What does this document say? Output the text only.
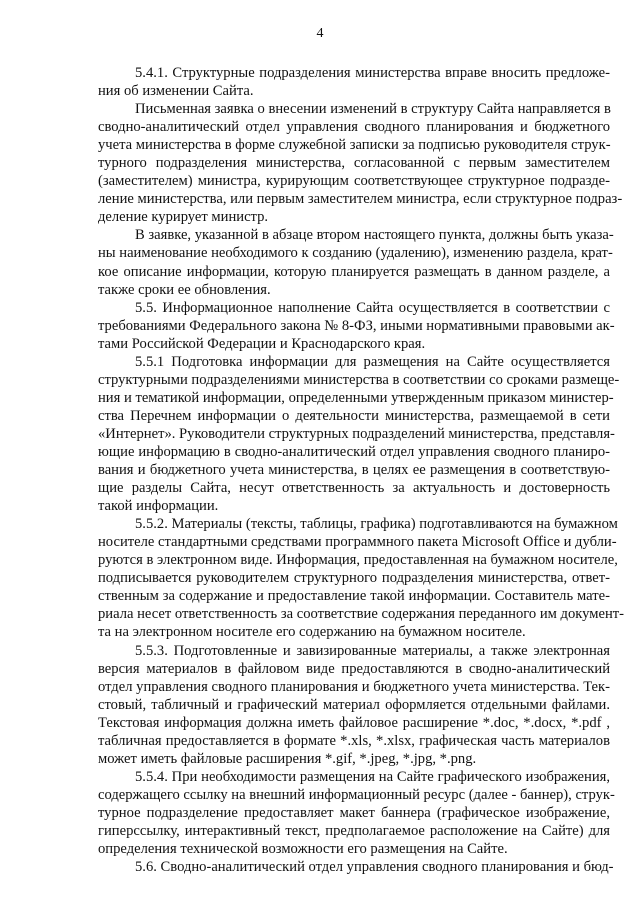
4
5.4.1. Структурные подразделения министерства вправе вносить предложе-
ния об изменении Сайта.
Письменная заявка о внесении изменений в структуру Сайта направляется в
сводно-аналитический отдел управления сводного планирования и бюджетного
учета министерства в форме служебной записки за подписью руководителя струк-
турного подразделения министерства, согласованной с первым заместителем
(заместителем) министра, курирующим соответствующее структурное подразде-
ление министерства, или первым заместителем министра, если структурное подраз-
деление курирует министр.
В заявке, указанной в абзаце втором настоящего пункта, должны быть указа-
ны наименование необходимого к созданию (удалению), изменению раздела, крат-
кое описание информации, которую планируется размещать в данном разделе, а
также сроки ее обновления.
5.5. Информационное наполнение Сайта осуществляется в соответствии с
требованиями Федерального закона № 8-ФЗ, иными нормативными правовыми ак-
тами Российской Федерации и Краснодарского края.
5.5.1 Подготовка информации для размещения на Сайте осуществляется
структурными подразделениями министерства в соответствии со сроками размеще-
ния и тематикой информации, определенными утвержденным приказом министер-
ства Перечнем информации о деятельности министерства, размещаемой в сети
«Интернет». Руководители структурных подразделений министерства, представля-
ющие информацию в сводно-аналитический отдел управления сводного планиро-
вания и бюджетного учета министерства, в целях ее размещения в соответствую-
щие разделы Сайта, несут ответственность за актуальность и достоверность
такой информации.
5.5.2. Материалы (тексты, таблицы, графика) подготавливаются на бумажном
носителе стандартными средствами программного пакета Microsoft Office и дубли-
руются в электронном виде. Информация, предоставленная на бумажном носителе,
подписывается руководителем структурного подразделения министерства, ответ-
ственным за содержание и предоставление такой информации. Составитель мате-
риала несет ответственность за соответствие содержания переданного им документ-
та на электронном носителе его содержанию на бумажном носителе.
5.5.3. Подготовленные и завизированные материалы, а также электронная
версия материалов в файловом виде предоставляются в сводно-аналитический
отдел управления сводного планирования и бюджетного учета министерства. Тек-
стовый, табличный и графический материал оформляется отдельными файлами.
Текстовая информация должна иметь файловое расширение *.doc, *.docx, *.pdf ,
табличная предоставляется в формате *.xls, *.xlsx, графическая часть материалов
может иметь файловые расширения *.gif, *.jpeg, *.jpg, *.png.
5.5.4. При необходимости размещения на Сайте графического изображения,
содержащего ссылку на внешний информационный ресурс (далее - баннер), струк-
турное подразделение предоставляет макет баннера (графическое изображение,
гиперссылку, интерактивный текст, предполагаемое расположение на Сайте) для
определения технической возможности его размещения на Сайте.
5.6. Сводно-аналитический отдел управления сводного планирования и бюд-
